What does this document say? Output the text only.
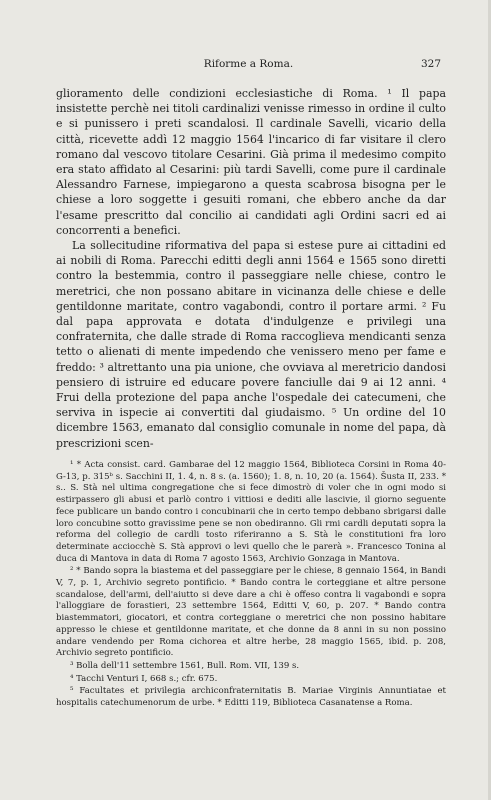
Riforme a Roma.	327

glioramento delle condizioni ecclesiastiche di Roma. ¹ Il papa insistette perchè nei titoli cardinalizi venisse rimesso in ordine il culto e si punissero i preti scandalosi. Il cardinale Savelli, vicario della città, ricevette addì 12 maggio 1564 l'incarico di far visitare il clero romano dal vescovo titolare Cesarini. Già prima il medesimo compito era stato affidato al Cesarini: più tardi Savelli, come pure il cardinale Alessandro Farnese, impiegarono a questa scabrosa bisogna per le chiese a loro soggette i gesuiti romani, che ebbero anche da dar l'esame prescritto dal concilio ai candidati agli Ordini sacri ed ai concorrenti a benefici.

La sollecitudine riformativa del papa si estese pure ai cittadini ed ai nobili di Roma. Parecchi editti degli anni 1564 e 1565 sono diretti contro la bestemmia, contro il passeggiare nelle chiese, contro le meretrici, che non possano abitare in vicinanza delle chiese e delle gentildonne maritate, contro vagabondi, contro il portare armi. ² Fu dal papa approvata e dotata d'indulgenze e privilegi una confraternita, che dalle strade di Roma raccoglieva mendicanti senza tetto o alienati di mente impedendo che venissero meno per fame e freddo: ³ altrettanto una pia unione, che ovviava al meretricio dandosi pensiero di istruire ed educare povere fanciulle dai 9 ai 12 anni. ⁴ Frui della protezione del papa anche l'ospedale dei catecumeni, che serviva in ispecie ai convertiti dal giudaismo. ⁵ Un ordine del 10 dicembre 1563, emanato dal consiglio comunale in nome del papa, dà prescrizioni scen-

¹ * Acta consist. card. Gambarae del 12 maggio 1564, Biblioteca Corsini in Roma 40-G-13, p. 315ᵇ s. Sacchini II, 1. 4, n. 8 s. (a. 1560); 1. 8, n. 10, 20 (a. 1564). Šusta II, 233. * s.. S. Stà nel ultima congregatione che si fece dimostrò di voler che in ogni modo si estirpassero gli abusi et parlò contro i vittiosi e dediti alle lascivie, il giorno seguente fece publicare un bando contro i concubinarii che in certo tempo debbano sbrigarsi dalle loro concubine sotto gravissime pene se non obediranno. Gli rmi cardli deputati sopra la reforma del collegio de cardli tosto riferiranno a S. Stà le constitutioni fra loro determinate acciocchè S. Stà approvi o levi quello che le parerà ». Francesco Tonina al duca di Mantova in data di Roma 7 agosto 1563, Archivio Gonzaga in Mantova.

² * Bando sopra la biastema et del passeggiare per le chiese, 8 gennaio 1564, in Bandi V, 7, p. 1, Archivio segreto pontificio. * Bando contra le corteggiane et altre persone scandalose, dell'armi, dell'aiutto si deve dare a chi è offeso contra li vagabondi e sopra l'alloggiare de forastieri, 23 settembre 1564, Editti V, 60, p. 207. * Bando contra biastemmatori, giocatori, et contra corteggiane o meretrici che non possino habitare appresso le chiese et gentildonne maritate, et che donne da 8 anni in su non possino andare vendendo per Roma cichorea et altre herbe, 28 maggio 1565, ibid. p. 208, Archivio segreto pontificio.

³ Bolla dell'11 settembre 1561, Bull. Rom. VII, 139 s.

⁴ Tacchi Venturi I, 668 s.; cfr. 675.

⁵ Facultates et privilegia archiconfraternitatis B. Mariae Virginis Annuntiatae et hospitalis catechumenorum de urbe. * Editti 119, Biblioteca Casanatense a Roma.
